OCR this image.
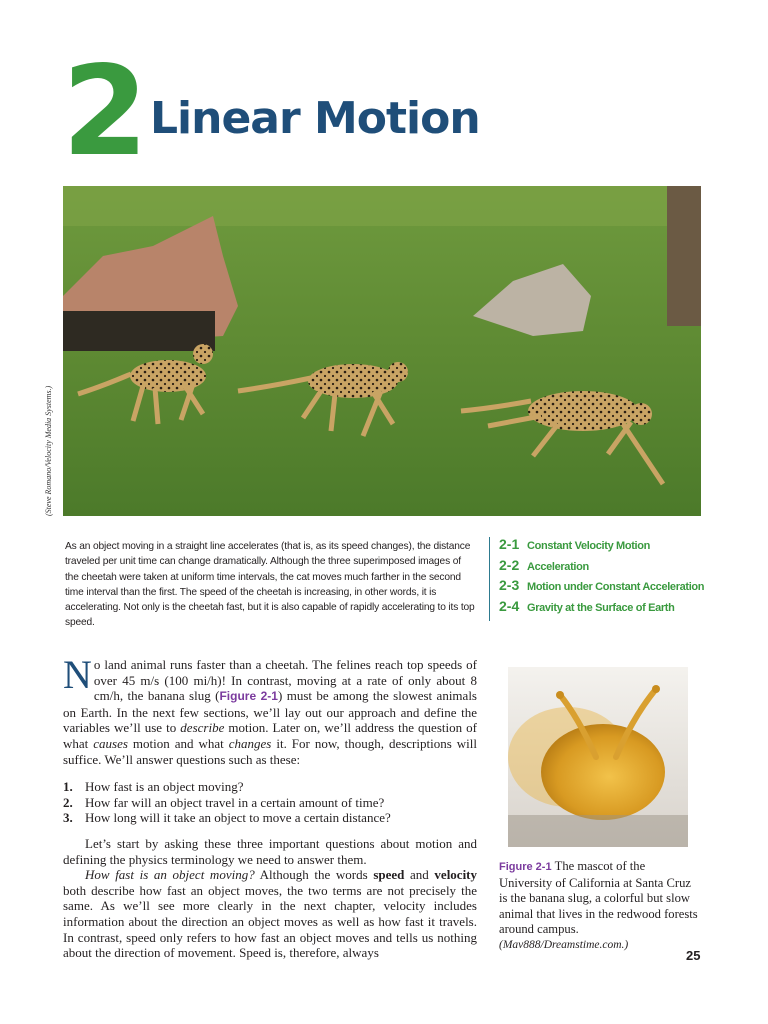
2 Linear Motion
(Steve Romano/Velocity Media Systems.)
As an object moving in a straight line accelerates (that is, as its speed changes), the distance traveled per unit time can change dramatically. Although the three superimposed images of the cheetah were taken at uniform time intervals, the cat moves much farther in the second time interval than the first. The speed of the cheetah is increasing, in other words, it is accelerating. Not only is the cheetah fast, but it is also capable of rapidly accelerating to its top speed.
2-1 Constant Velocity Motion
2-2 Acceleration
2-3 Motion under Constant Acceleration
2-4 Gravity at the Surface of Earth

No land animal runs faster than a cheetah. The felines reach top speeds of over 45 m/s (100 mi/h)! In contrast, moving at a rate of only about 8 cm/h, the banana slug (Figure 2-1) must be among the slowest animals on Earth. In the next few sections, we’ll lay out our approach and define the variables we’ll use to describe motion. Later on, we’ll address the question of what causes motion and what changes it. For now, though, descriptions will suffice. We’ll answer questions such as these:

1. How fast is an object moving?
2. How far will an object travel in a certain amount of time?
3. How long will it take an object to move a certain distance?

Let’s start by asking these three important questions about motion and defining the physics terminology we need to answer them.

How fast is an object moving? Although the words speed and velocity both describe how fast an object moves, the two terms are not precisely the same. As we’ll see more clearly in the next chapter, velocity includes information about the direction an object moves as well as how fast it travels. In contrast, speed only refers to how fast an object moves and tells us nothing about the direction of movement. Speed is, therefore, always

Figure 2-1 The mascot of the University of California at Santa Cruz is the banana slug, a colorful but slow animal that lives in the redwood forests around campus.
(Mav888/Dreamstime.com.)
25
